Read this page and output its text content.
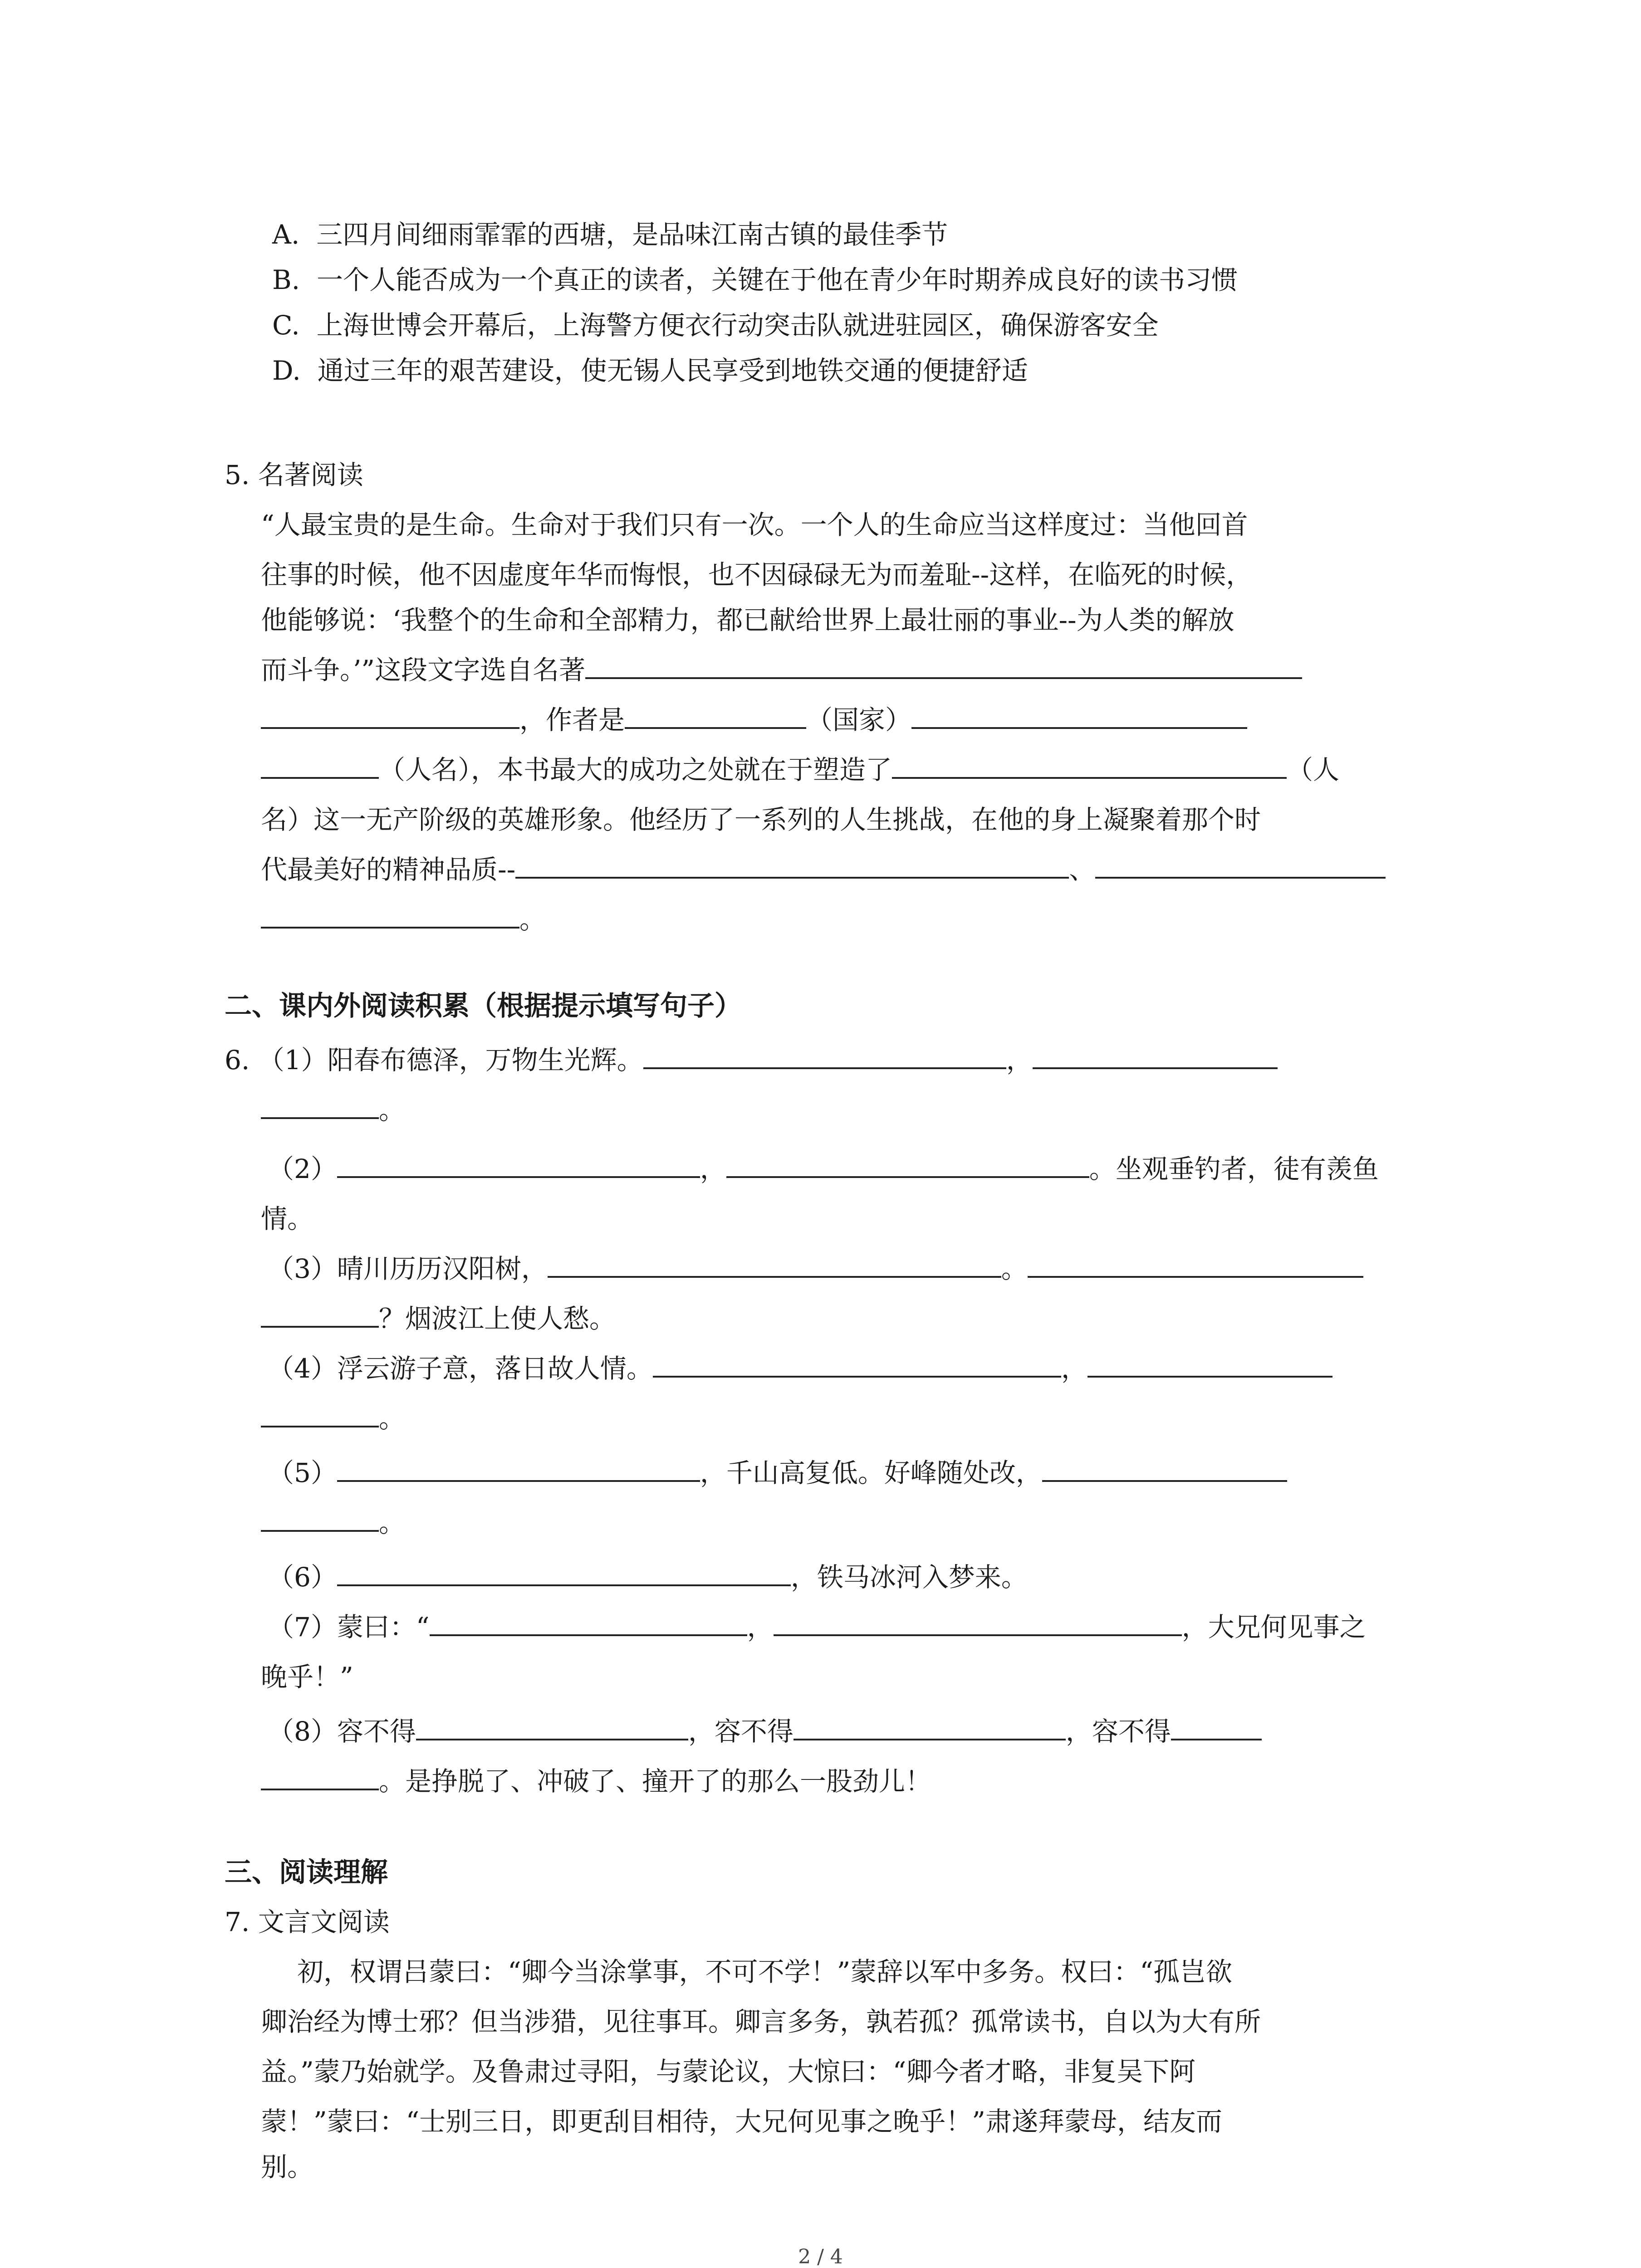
A. 三四月间细雨霏霏的西塘，是品味江南古镇的最佳季节
B. 一个人能否成为一个真正的读者，关键在于他在青少年时期养成良好的读书习惯
C. 上海世博会开幕后，上海警方便衣行动突击队就进驻园区，确保游客安全
D. 通过三年的艰苦建设，使无锡人民享受到地铁交通的便捷舒适
5. 名著阅读
“人最宝贵的是生命。生命对于我们只有一次。一个人的生命应当这样度过：当他回首
往事的时候，他不因虚度年华而悔恨，也不因碌碌无为而羞耻--这样，在临死的时候，
他能够说：‘我整个的生命和全部精力，都已献给世界上最壮丽的事业--为人类的解放
而斗争。’”这段文字选自名著
，作者是	（国家）
（人名），本书最大的成功之处就在于塑造了	（人
名）这一无产阶级的英雄形象。他经历了一系列的人生挑战，在他的身上凝聚着那个时
代最美好的精神品质--	、
。
二、课内外阅读积累（根据提示填写句子）
6. （1）阳春布德泽，万物生光辉。	，
。
（2）	，	。坐观垂钓者，徒有羡鱼
情。
（3）晴川历历汉阳树，	。
？烟波江上使人愁。
（4）浮云游子意，落日故人情。	，
。
（5）	，千山高复低。好峰随处改，
。
（6）	，铁马冰河入梦来。
（7）蒙曰：“	，	，大兄何见事之
晚乎！”
（8）容不得	，容不得	，容不得
。是挣脱了、冲破了、撞开了的那么一股劲儿！
三、阅读理解
7. 文言文阅读
初，权谓吕蒙曰：“卿今当涂掌事，不可不学！”蒙辞以军中多务。权曰：“孤岂欲
卿治经为博士邪？但当涉猎，见往事耳。卿言多务，孰若孤？孤常读书，自以为大有所
益。”蒙乃始就学。及鲁肃过寻阳，与蒙论议，大惊曰：“卿今者才略，非复吴下阿
蒙！”蒙曰：“士别三日，即更刮目相待，大兄何见事之晚乎！”肃遂拜蒙母，结友而
别。
2 / 4
